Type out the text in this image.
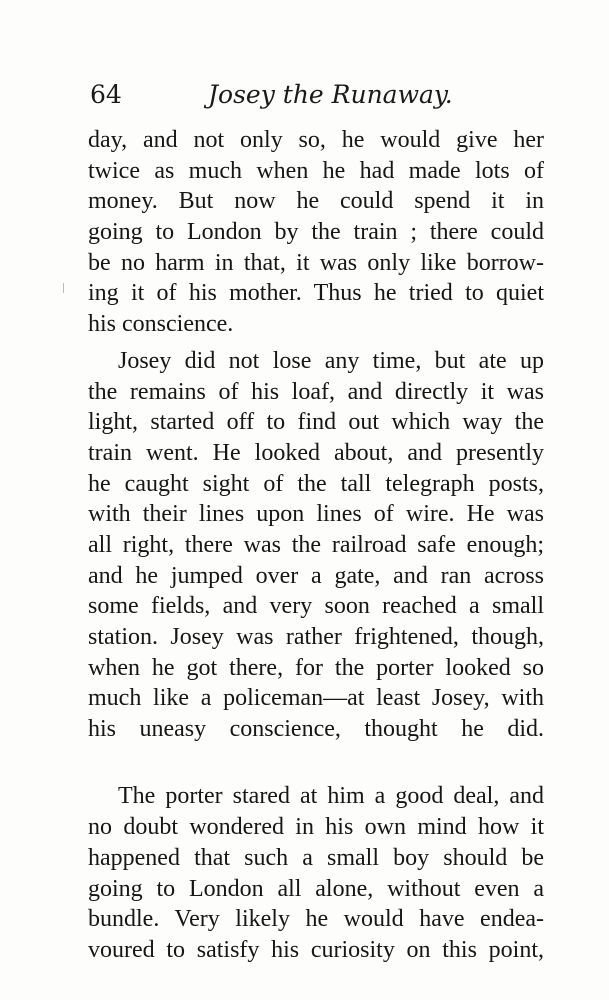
64	Josey the Runaway.
day, and not only so, he would give her
twice as much when he had made lots of
money. But now he could spend it in
going to London by the train ; there could
be no harm in that, it was only like borrow-
ing it of his mother. Thus he tried to quiet
his conscience.
Josey did not lose any time, but ate up
the remains of his loaf, and directly it was
light, started off to find out which way the
train went. He looked about, and presently
he caught sight of the tall telegraph posts,
with their lines upon lines of wire. He was
all right, there was the railroad safe enough;
and he jumped over a gate, and ran across
some fields, and very soon reached a small
station. Josey was rather frightened, though,
when he got there, for the porter looked so
much like a policeman—at least Josey, with
his uneasy conscience, thought he did.
The porter stared at him a good deal, and
no doubt wondered in his own mind how it
happened that such a small boy should be
going to London all alone, without even a
bundle. Very likely he would have endea-
voured to satisfy his curiosity on this point,
